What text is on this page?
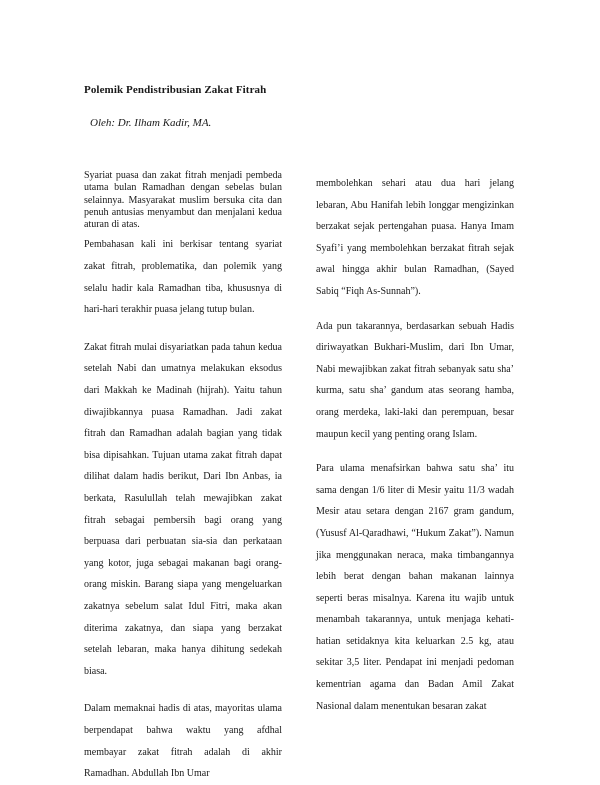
Polemik Pendistribusian Zakat Fitrah
Oleh: Dr. Ilham Kadir, MA.

Syariat puasa dan zakat fitrah menjadi pembeda utama bulan Ramadhan dengan sebelas bulan selainnya. Masyarakat muslim bersuka cita dan penuh antusias menyambut dan menjalani kedua aturan di atas.

Pembahasan kali ini berkisar tentang syariat zakat fitrah, problematika, dan polemik yang selalu hadir kala Ramadhan tiba, khususnya di hari-hari terakhir puasa jelang tutup bulan.

Zakat fitrah mulai disyariatkan pada tahun kedua setelah Nabi dan umatnya melakukan eksodus dari Makkah ke Madinah (hijrah). Yaitu tahun diwajibkannya puasa Ramadhan. Jadi zakat fitrah dan Ramadhan adalah bagian yang tidak bisa dipisahkan. Tujuan utama zakat fitrah dapat dilihat dalam hadis berikut, Dari Ibn Anbas, ia berkata, Rasulullah telah mewajibkan zakat fitrah sebagai pembersih bagi orang yang berpuasa dari perbuatan sia-sia dan perkataan yang kotor, juga sebagai makanan bagi orang-orang miskin. Barang siapa yang mengeluarkan zakatnya sebelum salat Idul Fitri, maka akan diterima zakatnya, dan siapa yang berzakat setelah lebaran, maka hanya dihitung sedekah biasa.

Dalam memaknai hadis di atas, mayoritas ulama berpendapat bahwa waktu yang afdhal membayar zakat fitrah adalah di akhir Ramadhan. Abdullah Ibn Umar

membolehkan sehari atau dua hari jelang lebaran, Abu Hanifah lebih longgar mengizinkan berzakat sejak pertengahan puasa. Hanya Imam Syafi’i yang membolehkan berzakat fitrah sejak awal hingga akhir bulan Ramadhan, (Sayed Sabiq “Fiqh As-Sunnah”).

Ada pun takarannya, berdasarkan sebuah Hadis diriwayatkan Bukhari-Muslim, dari Ibn Umar, Nabi mewajibkan zakat fitrah sebanyak satu sha’ kurma, satu sha’ gandum atas seorang hamba, orang merdeka, laki-laki dan perempuan, besar maupun kecil yang penting orang Islam.

Para ulama menafsirkan bahwa satu sha’ itu sama dengan 1/6 liter di Mesir yaitu 11/3 wadah Mesir atau setara dengan 2167 gram gandum, (Yususf Al-Qaradhawi, “Hukum Zakat”). Namun jika menggunakan neraca, maka timbangannya lebih berat dengan bahan makanan lainnya seperti beras misalnya. Karena itu wajib untuk menambah takarannya, untuk menjaga kehati-hatian setidaknya kita keluarkan 2.5 kg, atau sekitar 3,5 liter. Pendapat ini menjadi pedoman kementrian agama dan Badan Amil Zakat Nasional dalam menentukan besaran zakat
